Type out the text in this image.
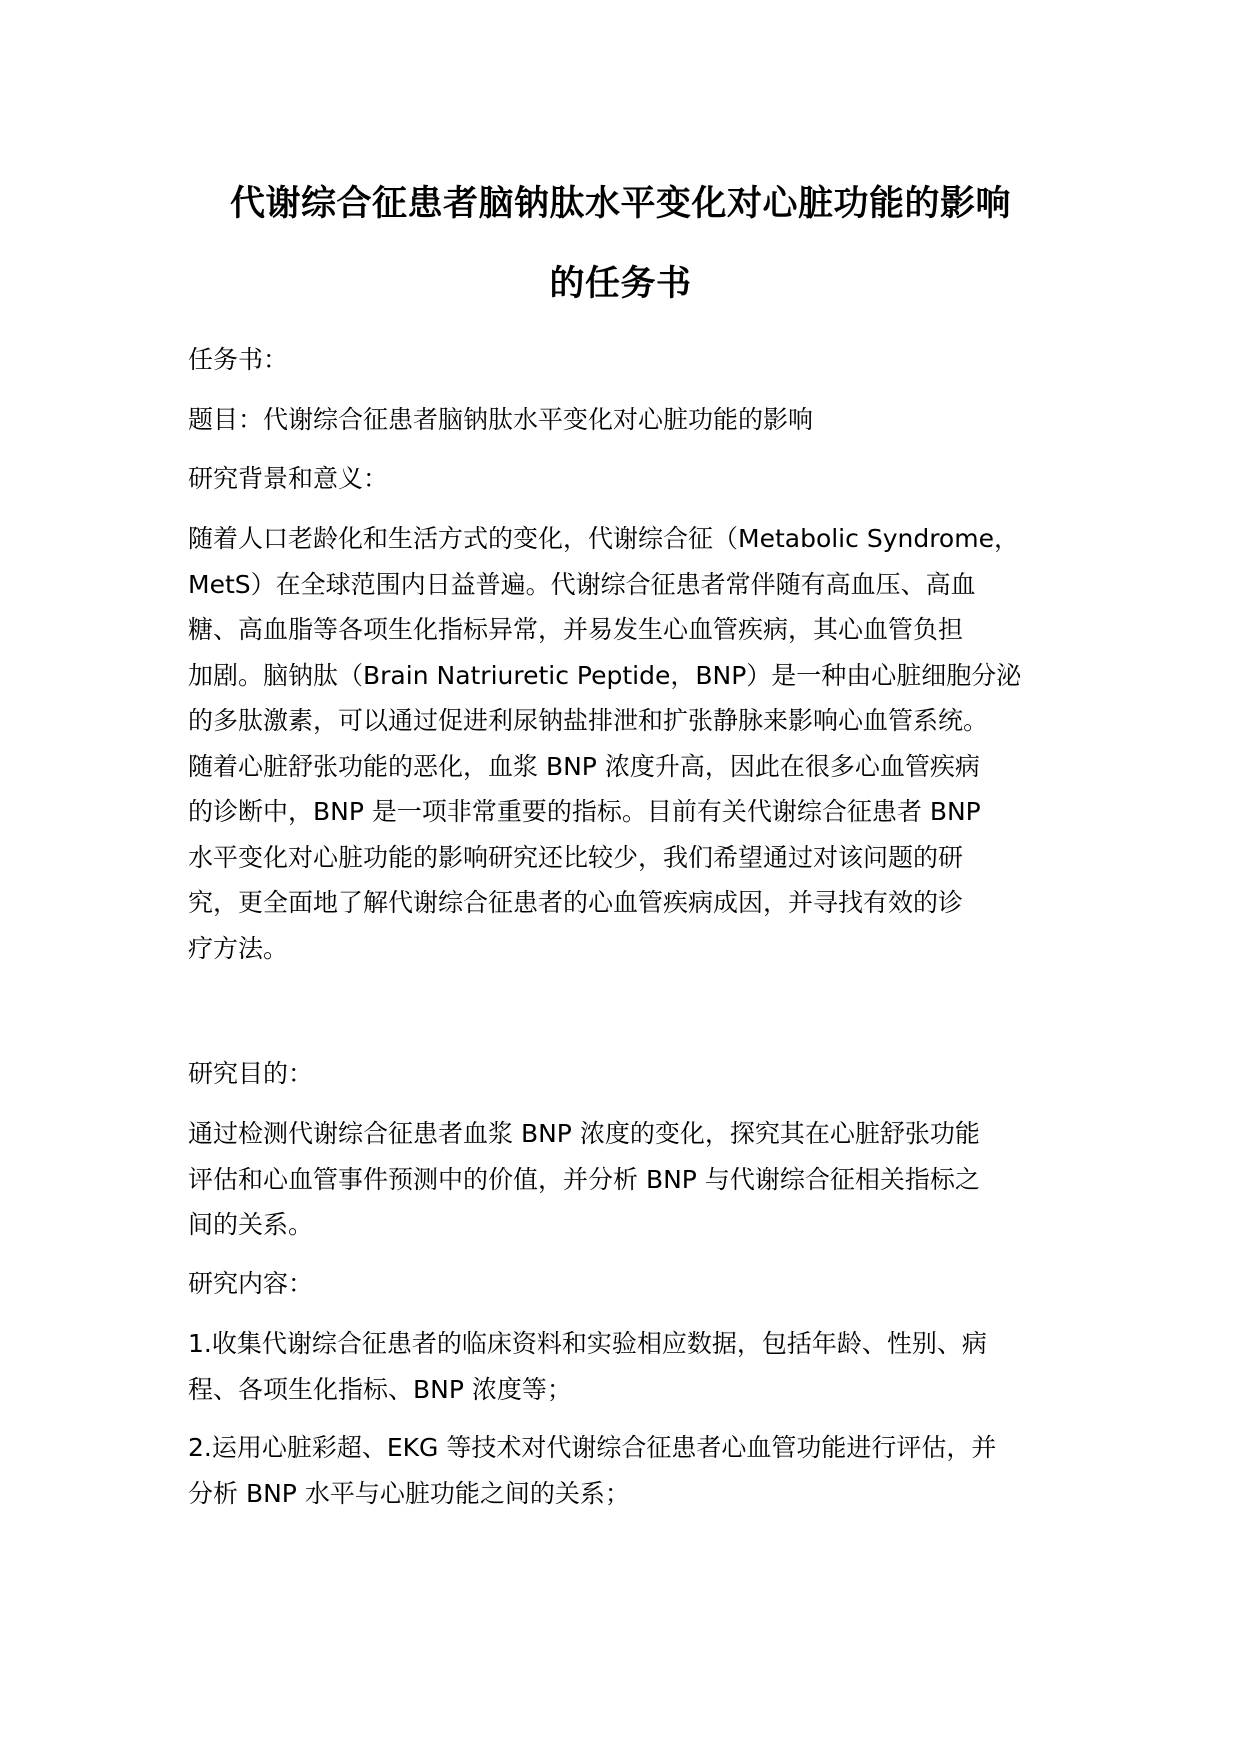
代谢综合征患者脑钠肽水平变化对心脏功能的影响
的任务书
任务书：
题目：代谢综合征患者脑钠肽水平变化对心脏功能的影响
研究背景和意义：
随着人口老龄化和生活方式的变化，代谢综合征（Metabolic Syndrome，
MetS）在全球范围内日益普遍。代谢综合征患者常伴随有高血压、高血
糖、高血脂等各项生化指标异常，并易发生心血管疾病，其心血管负担
加剧。脑钠肽（Brain Natriuretic Peptide，BNP）是一种由心脏细胞分泌
的多肽激素，可以通过促进利尿钠盐排泄和扩张静脉来影响心血管系统。
随着心脏舒张功能的恶化，血浆 BNP 浓度升高，因此在很多心血管疾病
的诊断中，BNP 是一项非常重要的指标。目前有关代谢综合征患者 BNP
水平变化对心脏功能的影响研究还比较少，我们希望通过对该问题的研
究，更全面地了解代谢综合征患者的心血管疾病成因，并寻找有效的诊
疗方法。
研究目的：
通过检测代谢综合征患者血浆 BNP 浓度的变化，探究其在心脏舒张功能
评估和心血管事件预测中的价值，并分析 BNP 与代谢综合征相关指标之
间的关系。
研究内容：
1.收集代谢综合征患者的临床资料和实验相应数据，包括年龄、性别、病
程、各项生化指标、BNP 浓度等；
2.运用心脏彩超、EKG 等技术对代谢综合征患者心血管功能进行评估，并
分析 BNP 水平与心脏功能之间的关系；
